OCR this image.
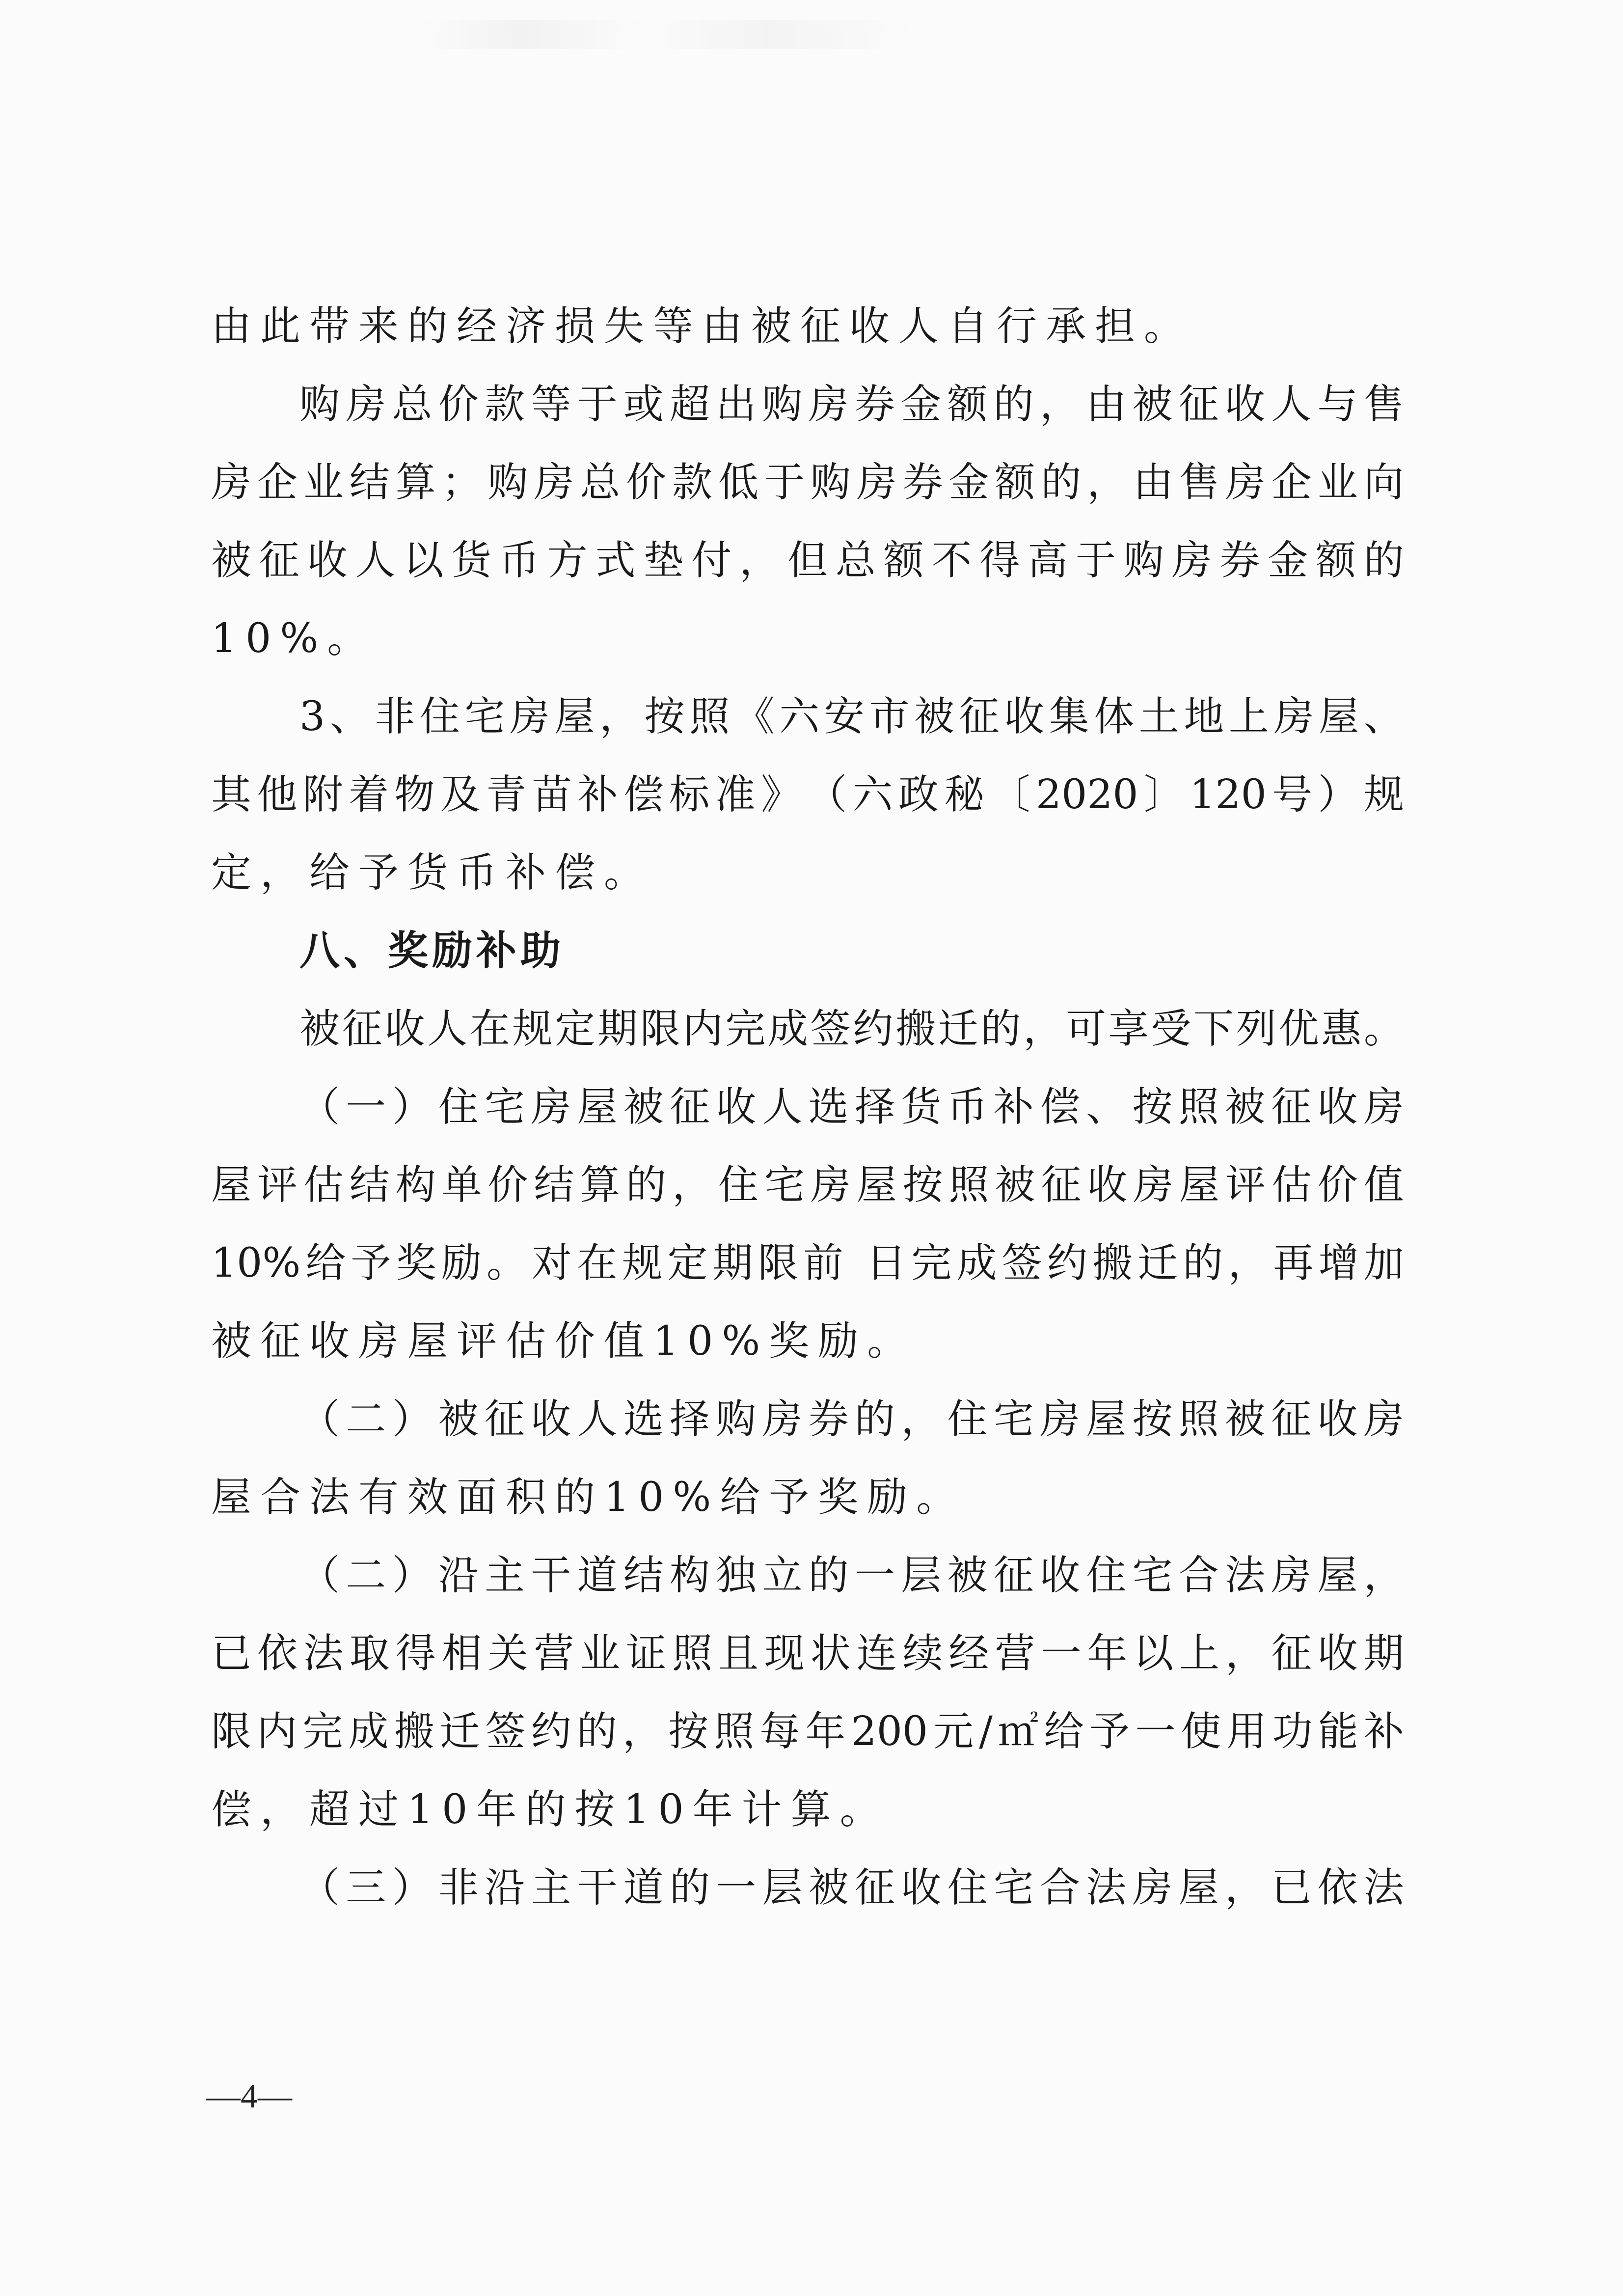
由此带来的经济损失等由被征收人自行承担。
购 房 总 价 款 等 于 或 超 出 购 房 券 金 额 的 ， 由 被 征 收 人 与 售
房 企 业 结 算 ； 购 房 总 价 款 低 于 购 房 券 金 额 的 ， 由 售 房 企 业 向
被 征 收 人 以 货 币 方 式 垫 付 ， 但 总 额 不 得 高 于 购 房 券 金 额 的
10%。
3 、 非 住 宅 房 屋 ， 按 照 《 六 安 市 被 征 收 集 体 土 地 上 房 屋 、
其 他 附 着 物 及 青 苗 补 偿 标 准 》 （ 六 政 秘 〔 2020 〕 120 号 ） 规
定，给予货币补偿。
八、奖励补助
被 征 收 人 在 规 定 期 限 内 完 成 签 约 搬 迁 的 ， 可 享 受 下 列 优 惠 。
（ 一 ） 住 宅 房 屋 被 征 收 人 选 择 货 币 补 偿 、 按 照 被 征 收 房
屋 评 估 结 构 单 价 结 算 的 ， 住 宅 房 屋 按 照 被 征 收 房 屋 评 估 价 值
10% 给 予 奖 励 。 对 在 规 定 期 限 前
日 完 成 签 约 搬 迁 的 ， 再 增 加
被征收房屋评估价值10%奖励。
（ 二 ） 被 征 收 人 选 择 购 房 券 的 ， 住 宅 房 屋 按 照 被 征 收 房
屋合法有效面积的10%给予奖励。
（ 二 ） 沿 主 干 道 结 构 独 立 的 一 层 被 征 收 住 宅 合 法 房 屋 ，
已 依 法 取 得 相 关 营 业 证 照 且 现 状 连 续 经 营 一 年 以 上 ， 征 收 期
限 内 完 成 搬 迁 签 约 的 ， 按 照 每 年 200 元 / ㎡ 给 予 一 使 用 功 能 补
偿，超过10年的按10年计算。
（ 三 ） 非 沿 主 干 道 的 一 层 被 征 收 住 宅 合 法 房 屋 ， 已 依 法
—4—
